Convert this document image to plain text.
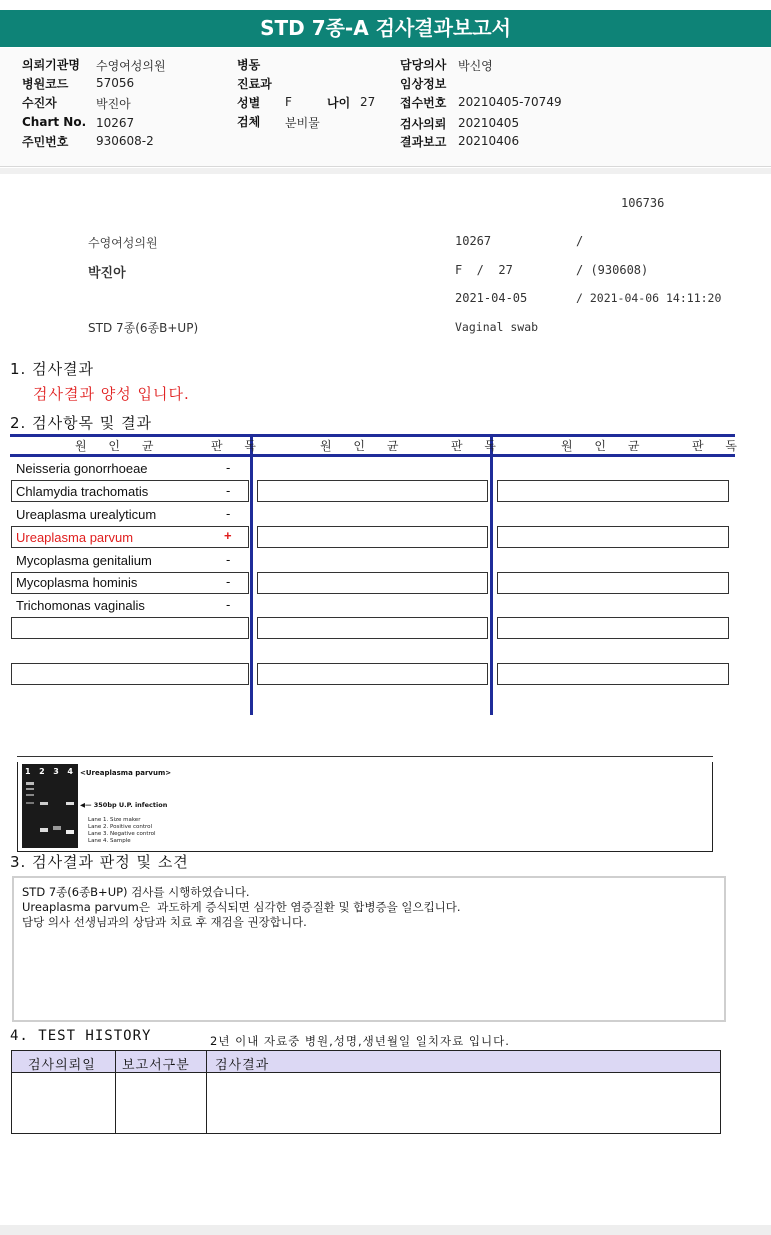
STD 7종-A 검사결과보고서
의뢰기관명 수영여성의원
병원코드 57056
수진자	박진아
Chart No. 10267
주민번호 930608-2
병동
진료과
성별 F	나이 27
검체 분비물
담당의사 박신영
임상정보
접수번호 20210405-70749
검사의뢰 20210405
결과보고 20210406
106736
수영여성의원	10267	/
박진아	F  /  27	/ (930608)
2021-04-05	/ 2021-04-06 14:11:20
STD 7종(6종B+UP)	Vaginal swab
1. 검사결과
검사결과 양성 입니다.
2. 검사항목 및 결과
원 인 균	판 독	원 인 균	판 독	원 인 균	판 독
Neisseria gonorrhoeae	-
Chlamydia trachomatis	-
Ureaplasma urealyticum	-
Ureaplasma parvum	+
Mycoplasma genitalium	-
Mycoplasma hominis	-
Trichomonas vaginalis	-
1  2  3  4 <Ureaplasma parvum>
◀— 350bp U.P. infection
Lane 1. Size maker
Lane 2. Positive control
Lane 3. Negative control
Lane 4. Sample
3. 검사결과 판정 및 소견
STD 7종(6종B+UP) 검사를 시행하였습니다.
Ureaplasma parvum은  과도하게 증식되면 심각한 염증질환 및 합병증을 일으킵니다.
담당 의사 선생님과의 상담과 치료 후 재검을 권장합니다.
4. TEST HISTORY	2년 이내 자료중 병원,성명,생년월일 일치자료 입니다.
검사의뢰일 보고서구분 검사결과
